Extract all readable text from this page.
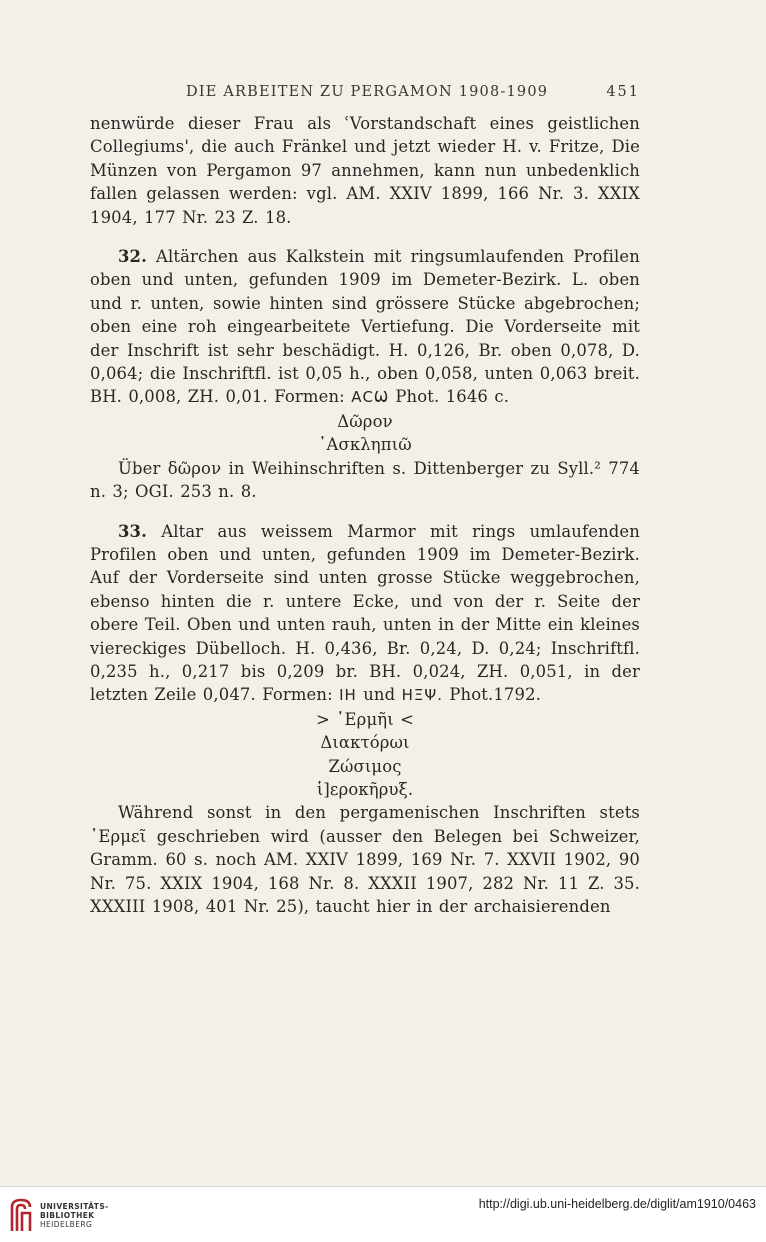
DIE ARBEITEN ZU PERGAMON 1908-1909	451

nenwürde dieser Frau als ʿVorstandschaft eines geistlichen Collegiums', die auch Fränkel und jetzt wieder H. v. Fritze, Die Münzen von Pergamon 97 annehmen, kann nun unbedenklich fallen gelassen werden: vgl. AM. XXIV 1899, 166 Nr. 3. XXIX 1904, 177 Nr. 23 Z. 18.

32. Altärchen aus Kalkstein mit ringsumlaufenden Profilen oben und unten, gefunden 1909 im Demeter-Bezirk. L. oben und r. unten, sowie hinten sind grössere Stücke abgebrochen; oben eine roh eingearbeitete Vertiefung. Die Vorderseite mit der Inschrift ist sehr beschädigt. H. 0,126, Br. oben 0,078, D. 0,064; die Inschriftfl. ist 0,05 h., oben 0,058, unten 0,063 breit. BH. 0,008, ZH. 0,01. Formen: ΑϹѠ Phot. 1646 c.

Δῶρον

᾿Ασκληπιῶ

Über δῶρον in Weihinschriften s. Dittenberger zu Syll.² 774 n. 3; OGI. 253 n. 8.

33. Altar aus weissem Marmor mit rings umlaufenden Profilen oben und unten, gefunden 1909 im Demeter-Bezirk. Auf der Vorderseite sind unten grosse Stücke weggebrochen, ebenso hinten die r. untere Ecke, und von der r. Seite der obere Teil. Oben und unten rauh, unten in der Mitte ein kleines viereckiges Dübelloch. H. 0,436, Br. 0,24, D. 0,24; Inschriftfl. 0,235 h., 0,217 bis 0,209 br. BH. 0,024, ZH. 0,051, in der letzten Zeile 0,047. Formen: ΙΗ und ΗΞΨ. Phot.1792.

> ῾Ερμῆι <

Διακτόρωι

Ζώσιμος

ἱ]εροκῆρυξ.

Während sonst in den pergamenischen Inschriften stets ῾Ερμεῖ geschrieben wird (ausser den Belegen bei Schweizer, Gramm. 60 s. noch AM. XXIV 1899, 169 Nr. 7. XXVII 1902, 90 Nr. 75. XXIX 1904, 168 Nr. 8. XXXII 1907, 282 Nr. 11 Z. 35. XXXIII 1908, 401 Nr. 25), taucht hier in der archaisierenden

UNIVERSITÄTS-
BIBLIOTHEK
HEIDELBERG
http://digi.ub.uni-heidelberg.de/diglit/am1910/0463
